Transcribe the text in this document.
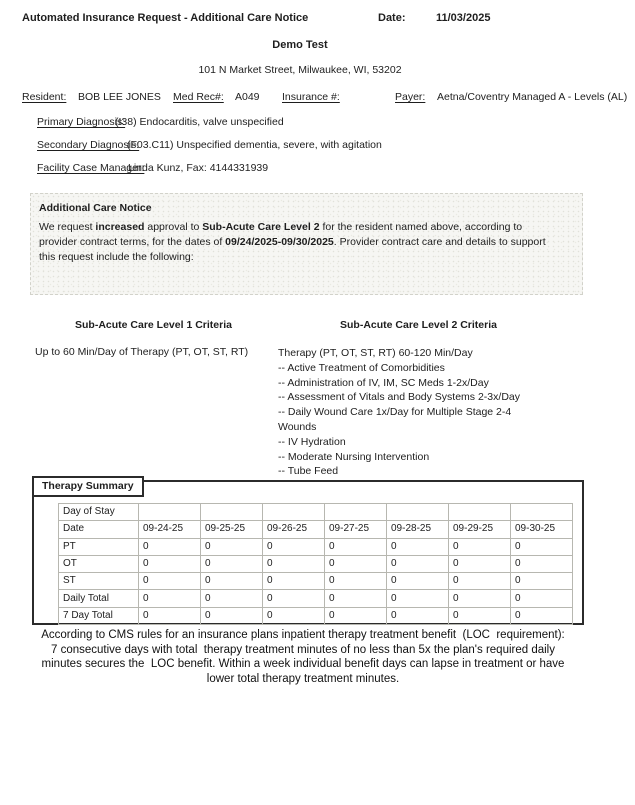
Automated Insurance Request - Additional Care Notice	Date:	11/03/2025
Demo Test
101 N Market Street, Milwaukee, WI, 53202
Resident: BOB LEE JONES Med Rec#: A049 Insurance #:	Payer: Aetna/Coventry Managed A - Levels (AL)
Primary Diagnosis:
(I38) Endocarditis, valve unspecified
Secondary Diagnosis:
(F03.C11) Unspecified dementia, severe, with agitation
Facility Case Manager:
Linda Kunz, Fax: 4144331939
Additional Care Notice
We request increased approval to Sub-Acute Care Level 2 for the resident named above, according to provider contract terms, for the dates of 09/24/2025-09/30/2025. Provider contract care and details to support this request include the following:
Sub-Acute Care Level 1 Criteria	Sub-Acute Care Level 2 Criteria
Up to 60 Min/Day of Therapy (PT, OT, ST, RT)	Therapy (PT, OT, ST, RT) 60-120 Min/Day
-- Active Treatment of Comorbidities
-- Administration of IV, IM, SC Meds 1-2x/Day
-- Assessment of Vitals and Body Systems 2-3x/Day
-- Daily Wound Care 1x/Day for Multiple Stage 2-4 Wounds
-- IV Hydration
-- Moderate Nursing Intervention
-- Tube Feed
Therapy Summary
Day of Stay							
Date	09-24-25	09-25-25	09-26-25	09-27-25	09-28-25	09-29-25	09-30-25
PT	0	0	0	0	0	0	0
OT	0	0	0	0	0	0	0
ST	0	0	0	0	0	0	0
Daily Total	0	0	0	0	0	0	0
7 Day Total	0	0	0	0	0	0	0
According to CMS rules for an insurance plans inpatient therapy treatment benefit  (LOC  requirement):
7 consecutive days with total  therapy treatment minutes of no less than 5x the plan's required daily
minutes secures the  LOC benefit. Within a week individual benefit days can lapse in treatment or have
lower total therapy treatment minutes.
